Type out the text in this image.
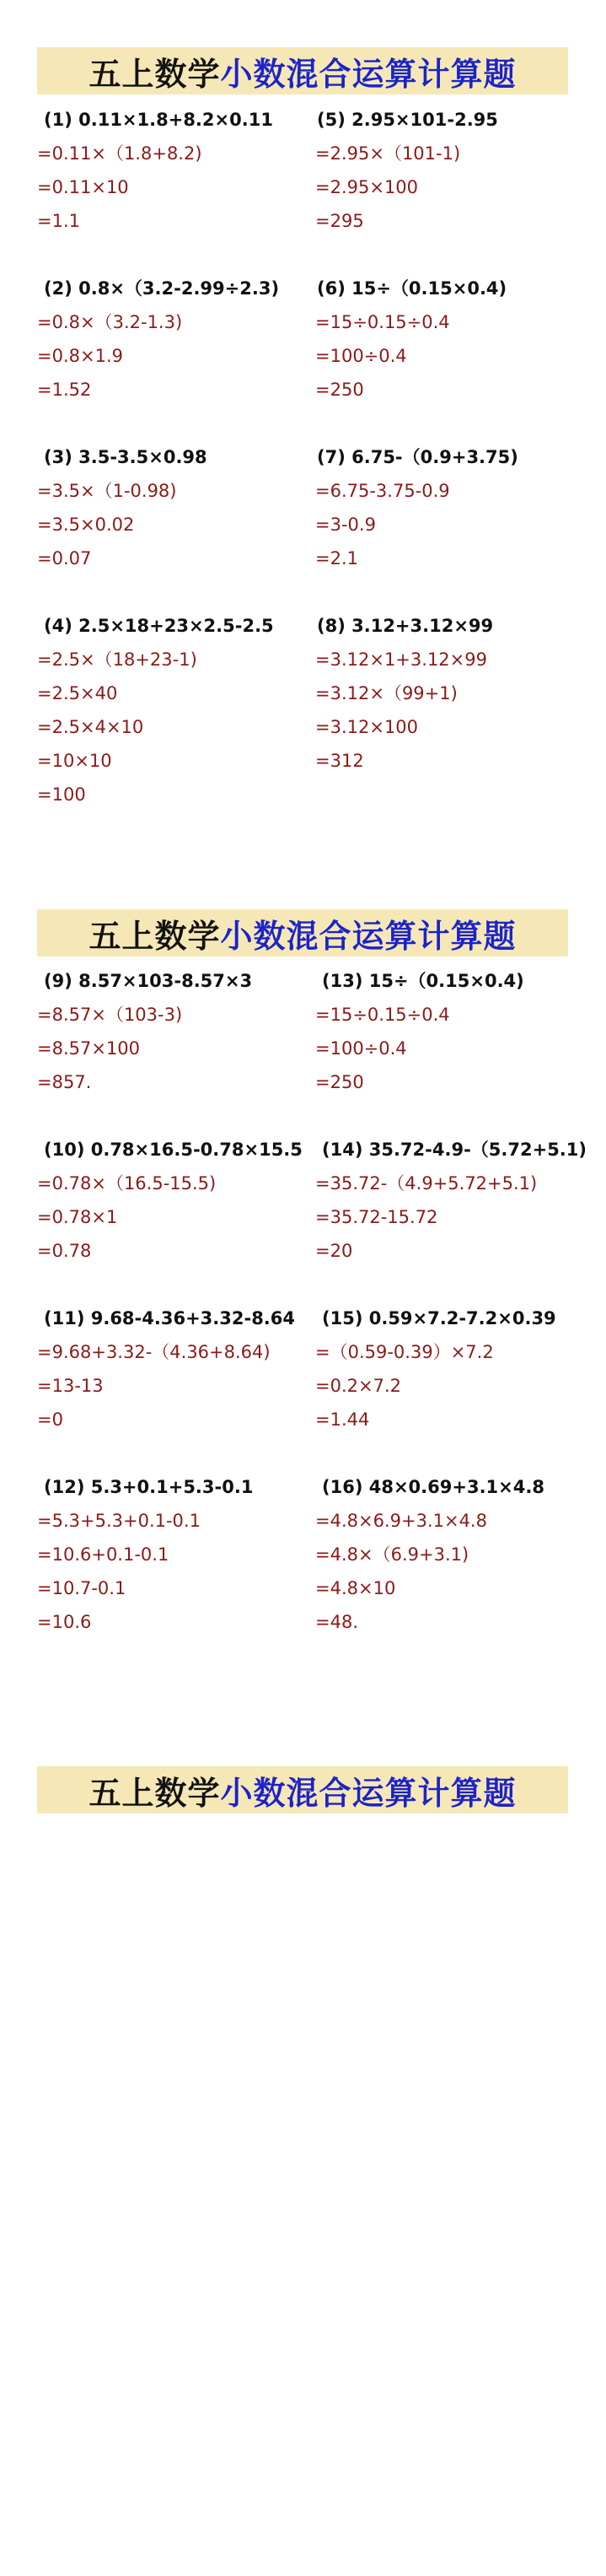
五上数学 小数混合运算计算题
(1) 0.11×1.8+8.2×0.11
=0.11×（1.8+8.2)
=0.11×10
=1.1
(2) 0.8×（3.2-2.99÷2.3)
=0.8×（3.2-1.3)
=0.8×1.9
=1.52
(3) 3.5-3.5×0.98
=3.5×（1-0.98)
=3.5×0.02
=0.07
(4) 2.5×18+23×2.5-2.5
=2.5×（18+23-1)
=2.5×40
=2.5×4×10
=10×10
=100
(5) 2.95×101-2.95
=2.95×（101-1)
=2.95×100
=295
(6) 15÷（0.15×0.4)
=15÷0.15÷0.4
=100÷0.4
=250
(7) 6.75-（0.9+3.75)
=6.75-3.75-0.9
=3-0.9
=2.1
(8) 3.12+3.12×99
=3.12×1+3.12×99
=3.12×（99+1)
=3.12×100
=312
五上数学 小数混合运算计算题
(9) 8.57×103-8.57×3
=8.57×（103-3)
=8.57×100
=857.
(10) 0.78×16.5-0.78×15.5
=0.78×（16.5-15.5)
=0.78×1
=0.78
(11) 9.68-4.36+3.32-8.64
=9.68+3.32-（4.36+8.64)
=13-13
=0
(12) 5.3+0.1+5.3-0.1
=5.3+5.3+0.1-0.1
=10.6+0.1-0.1
=10.7-0.1
=10.6
(13) 15÷（0.15×0.4)
=15÷0.15÷0.4
=100÷0.4
=250
(14) 35.72-4.9-（5.72+5.1)
=35.72-（4.9+5.72+5.1)
=35.72-15.72
=20
(15) 0.59×7.2-7.2×0.39
=（0.59-0.39）×7.2
=0.2×7.2
=1.44
(16) 48×0.69+3.1×4.8
=4.8×6.9+3.1×4.8
=4.8×（6.9+3.1)
=4.8×10
=48.
五上数学 小数混合运算计算题
